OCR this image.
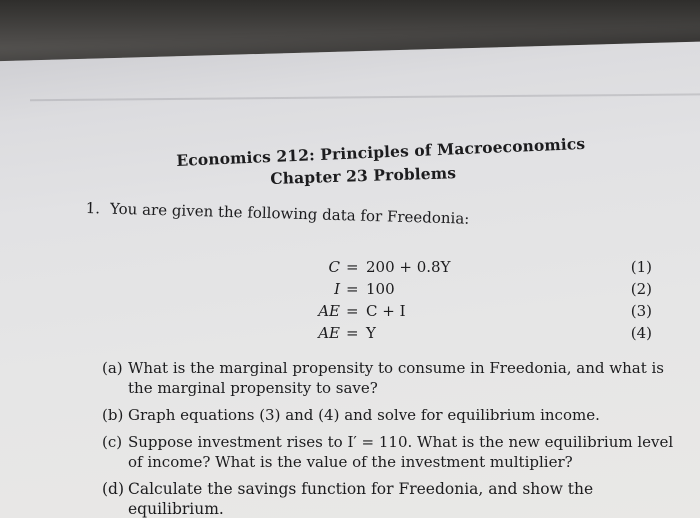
Economics 212: Principles of Macroeconomics
Chapter 23 Problems
1. You are given the following data for Freedonia:
C = 200 + 0.8Y	(1)
I = 100	(2)
AE = C + I	(3)
AE = Y	(4)
(a) What is the marginal propensity to consume in Freedonia, and what is
the marginal propensity to save?
(b) Graph equations (3) and (4) and solve for equilibrium income.
(c) Suppose investment rises to I′ = 110. What is the new equilibrium level
of income? What is the value of the investment multiplier?
(d) Calculate the savings function for Freedonia, and show the equilibrium.
